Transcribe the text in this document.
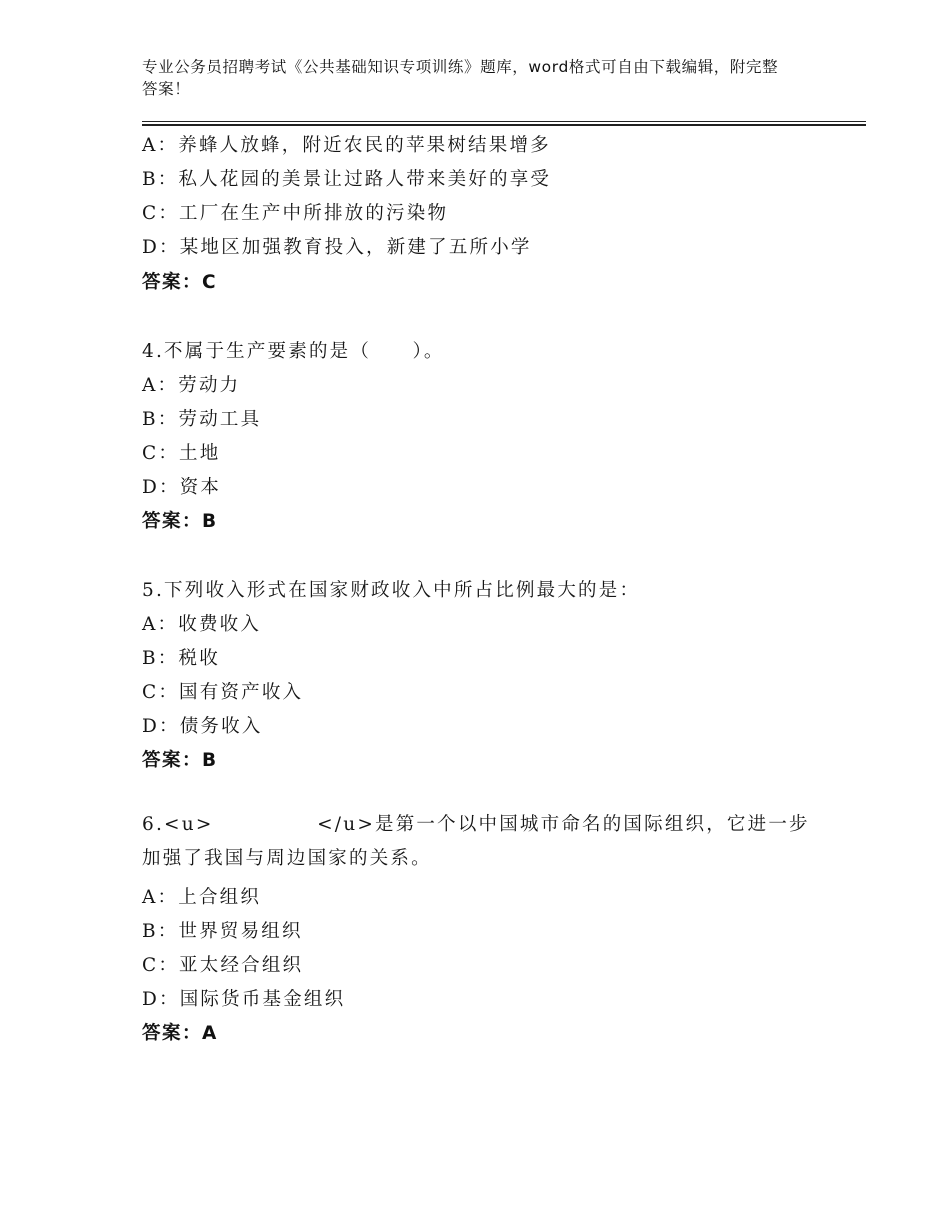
专业公务员招聘考试《公共基础知识专项训练》题库，word格式可自由下载编辑，附完整答案！
A：养蜂人放蜂，附近农民的苹果树结果增多
B：私人花园的美景让过路人带来美好的享受
C：工厂在生产中所排放的污染物
D：某地区加强教育投入，新建了五所小学
答案：C
4.不属于生产要素的是（　　）。
A：劳动力
B：劳动工具
C：土地
D：资本
答案：B
5.下列收入形式在国家财政收入中所占比例最大的是：
A：收费收入
B：税收
C：国有资产收入
D：债务收入
答案：B
6.<u>　　　　　</u>是第一个以中国城市命名的国际组织，它进一步加强了我国与周边国家的关系。
A：上合组织
B：世界贸易组织
C：亚太经合组织
D：国际货币基金组织
答案：A
